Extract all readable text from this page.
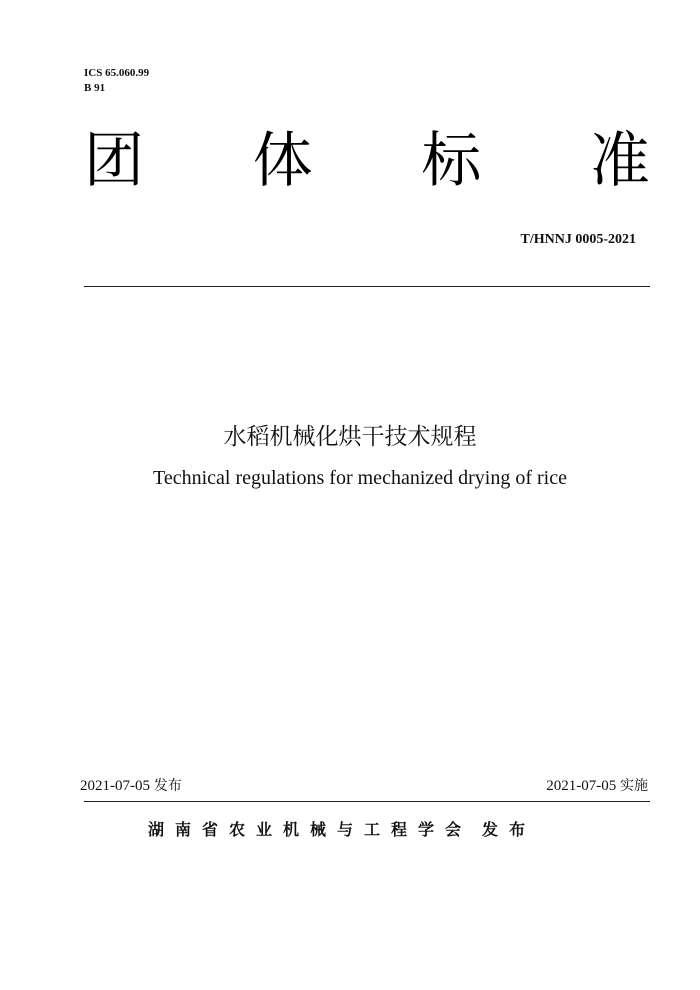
ICS 65.060.99
B 91
团 体 标 准
T/HNNJ 0005-2021
水稻机械化烘干技术规程
Technical regulations for mechanized drying of rice
2021-07-05 发布	2021-07-05 实施
湖南省农业机械与工程学会 发布
